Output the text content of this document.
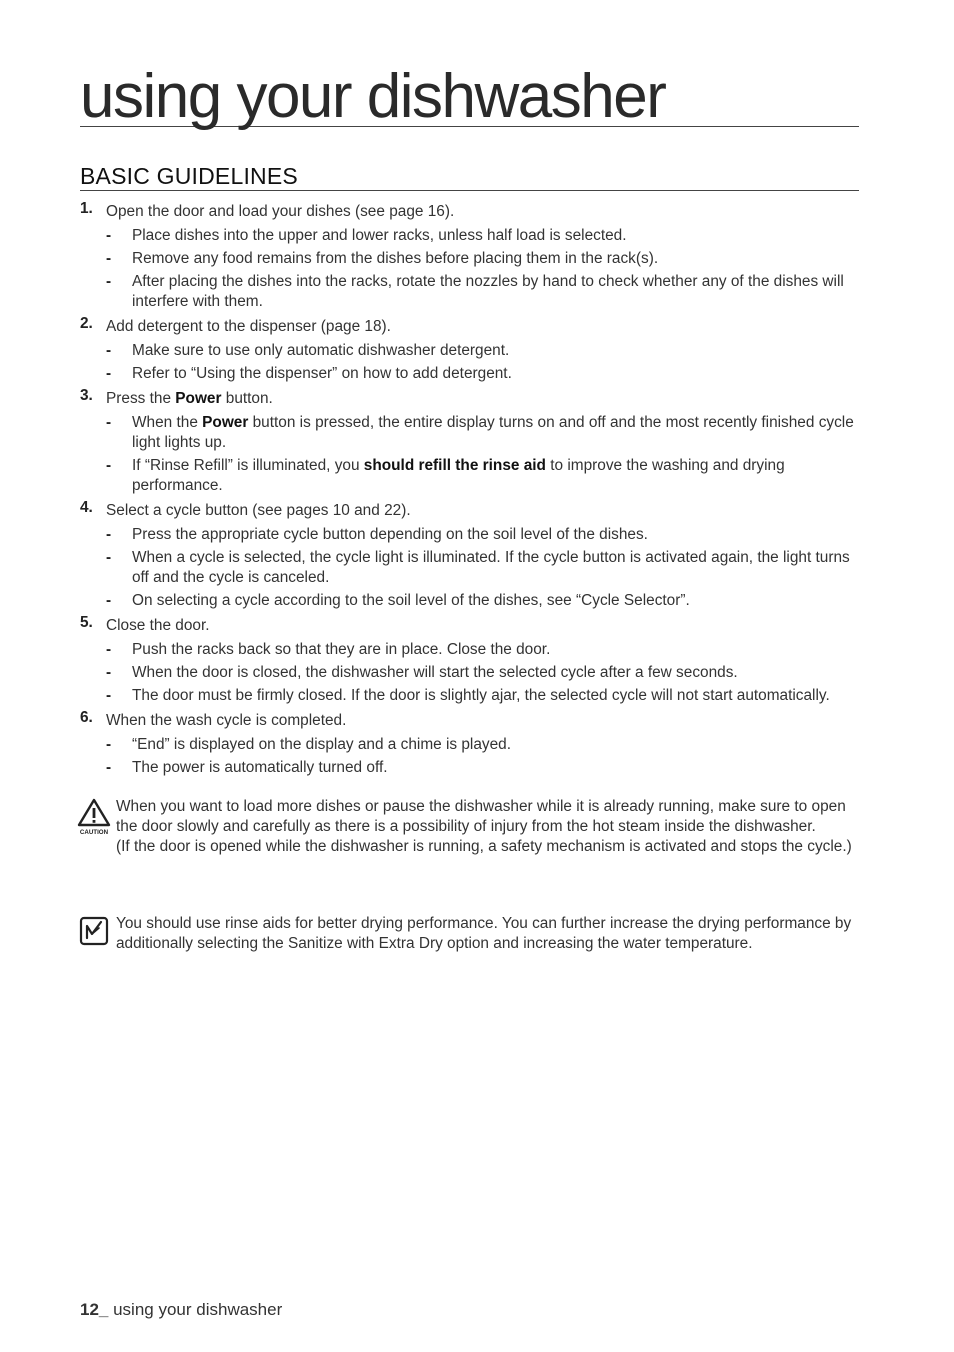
using your dishwasher
BASIC GUIDELINES
1. Open the door and load your dishes (see page 16).
- Place dishes into the upper and lower racks, unless half load is selected.
- Remove any food remains from the dishes before placing them in the rack(s).
- After placing the dishes into the racks, rotate the nozzles by hand to check whether any of the dishes will interfere with them.
2. Add detergent to the dispenser (page 18).
- Make sure to use only automatic dishwasher detergent.
- Refer to “Using the dispenser” on how to add detergent.
3. Press the Power button.
- When the Power button is pressed, the entire display turns on and off and the most recently finished cycle light lights up.
- If “Rinse Refill” is illuminated, you should refill the rinse aid to improve the washing and drying performance.
4. Select a cycle button (see pages 10 and 22).
- Press the appropriate cycle button depending on the soil level of the dishes.
- When a cycle is selected, the cycle light is illuminated. If the cycle button is activated again, the light turns off and the cycle is canceled.
- On selecting a cycle according to the soil level of the dishes, see “Cycle Selector”.
5. Close the door.
- Push the racks back so that they are in place. Close the door.
- When the door is closed, the dishwasher will start the selected cycle after a few seconds.
- The door must be firmly closed. If the door is slightly ajar, the selected cycle will not start automatically.
6. When the wash cycle is completed.
- “End” is displayed on the display and a chime is played.
- The power is automatically turned off.
CAUTION
When you want to load more dishes or pause the dishwasher while it is already running, make sure to open the door slowly and carefully as there is a possibility of injury from the hot steam inside the dishwasher.
(If the door is opened while the dishwasher is running, a safety mechanism is activated and stops the cycle.)
You should use rinse aids for better drying performance. You can further increase the drying performance by additionally selecting the Sanitize with Extra Dry option and increasing the water temperature.
12_ using your dishwasher
